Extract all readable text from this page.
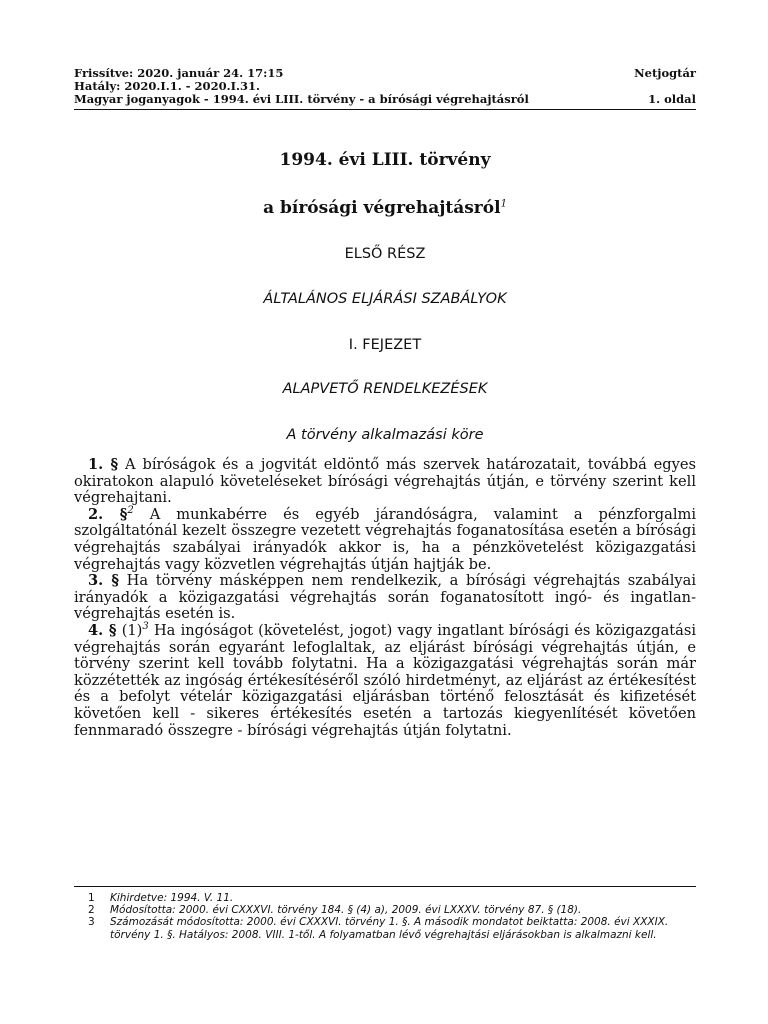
Frissítve: 2020. január 24. 17:15	Netjogtár
Hatály: 2020.I.1. - 2020.I.31.
Magyar joganyagok - 1994. évi LIII. törvény - a bírósági végrehajtásról	1. oldal
1994. évi LIII. törvény
a bírósági végrehajtásról$^1$
ELSŐ RÉSZ
ÁLTALÁNOS ELJÁRÁSI SZABÁLYOK
I. FEJEZET
ALAPVETŐ RENDELKEZÉSEK
A törvény alkalmazási köre

1. § A bíróságok és a jogvitát eldöntő más szervek határozatait, továbbá egyes okiratokon alapuló követeléseket bírósági végrehajtás útján, e törvény szerint kell végrehajtani.

2. §$^2$ A munkabérre és egyéb járandóságra, valamint a pénzforgalmi szolgáltatónál kezelt összegre vezetett végrehajtás foganatosítása esetén a bírósági végrehajtás szabályai irányadók akkor is, ha a pénzkövetelést közigazgatási végrehajtás vagy közvetlen végrehajtás útján hajtják be.

3. § Ha törvény másképpen nem rendelkezik, a bírósági végrehajtás szabályai irányadók a közigazgatási végrehajtás során foganatosított ingó- és ingatlan-végrehajtás esetén is.

4. § (1)$^3$ Ha ingóságot (követelést, jogot) vagy ingatlant bírósági és közigazgatási végrehajtás során egyaránt lefoglaltak, az eljárást bírósági végrehajtás útján, e törvény szerint kell tovább folytatni. Ha a közigazgatási végrehajtás során már közzétették az ingóság értékesítéséről szóló hirdetményt, az eljárást az értékesítést és a befolyt vételár közigazgatási eljárásban történő felosztását és kifizetését követően kell - sikeres értékesítés esetén a tartozás kiegyenlítését követően fennmaradó összegre - bírósági végrehajtás útján folytatni.

1 Kihirdetve: 1994. V. 11.
2 Módosította: 2000. évi CXXXVI. törvény 184. § (4) a), 2009. évi LXXXV. törvény 87. § (18).
3 Számozását módosította: 2000. évi CXXXVI. törvény 1. §. A második mondatot beiktatta: 2008. évi XXXIX. törvény 1. §. Hatályos: 2008. VIII. 1-től. A folyamatban lévő végrehajtási eljárásokban is alkalmazni kell.
